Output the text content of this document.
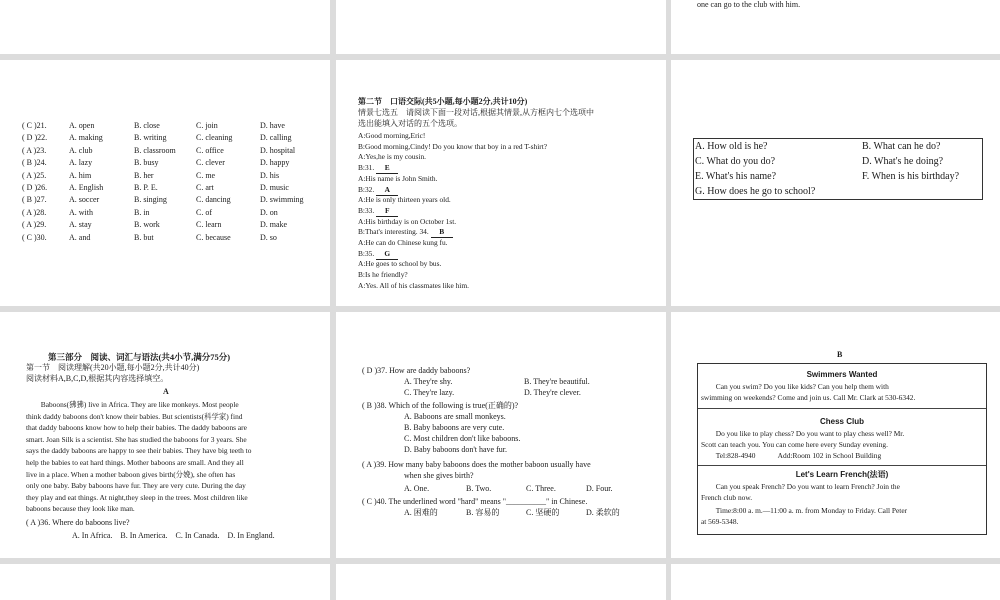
one can go to the club with him.
( C )21.	A. open	B. close	C. join	D. have
( D )22.	A. making	B. writing	C. cleaning	D. calling
( A )23.	A. club	B. classroom	C. office	D. hospital
( B )24.	A. lazy	B. busy	C. clever	D. happy
( A )25.	A. him	B. her	C. me	D. his
( D )26.	A. English	B. P. E.	C. art	D. music
( B )27.	A. soccer	B. singing	C. dancing	D. swimming
( A )28.	A. with	B. in	C. of	D. on
( A )29.	A. stay	B. work	C. learn	D. make
( C )30.	A. and	B. but	C. because	D. so
第二节　口语交际(共5小题,每小题2分,共计10分)
情景七选五　请阅读下面一段对话,根据其情景,从方框内七个选项中
选出能填入对话的五个选项。
A:Good morning,Eric!
B:Good morning,Cindy! Do you know that boy in a red T-shirt?
A:Yes,he is my cousin.
B:31. E
A:His name is John Smith.
B:32. A
A:He is only thirteen years old.
B:33. F
A:His birthday is on October 1st.
B:That's interesting. 34. B
A:He can do Chinese kung fu.
B:35. G
A:He goes to school by bus.
B:Is he friendly?
A:Yes. All of his classmates like him.
A. How old is he?	B. What can he do?
C. What do you do?	D. What's he doing?
E. What's his name?	F. When is his birthday?
G. How does he go to school?
第三部分　阅读、词汇与语法(共4小节,满分75分)
第一节　阅读理解(共20小题,每小题2分,共计40分)
阅读材料A,B,C,D,根据其内容选择填空。
A
( A )36. Where do baboons live?
A. In Africa.　B. In America.　C. In Canada.　D. In England.
　　Baboons(狒狒) live in Africa. They are like monkeys. Most people
think daddy baboons don't know their babies. But scientists(科学家) find
that daddy baboons know how to help their babies. The daddy baboons are
smart. Joan Silk is a scientist. She has studied the baboons for 3 years. She
says the daddy baboons are happy to see their babies. They have big teeth to
help the babies to eat hard things. Mother baboons are small. And they all
live in a place. When a mother baboon gives birth(分娩), she often has
only one baby. Baby baboons have fur. They are very cute. During the day
they play and eat things. At night,they sleep in the trees. Most children like
baboons because they look like man.
( D )37. How are daddy baboons?
A. They're shy.	B. They're beautiful.
C. They're lazy.	D. They're clever.
( B )38. Which of the following is true(正确的)?
A. Baboons are small monkeys.
B. Baby baboons are very cute.
C. Most children don't like baboons.
D. Baby baboons don't have fur.
( A )39. How many baby baboons does the mother baboon usually have
when she gives birth?
A. One.	B. Two.	C. Three.	D. Four.
( C )40. The underlined word "hard" means "__________" in Chinese.
A. 困难的	B. 容易的	C. 坚硬的	D. 柔软的
B
Swimmers Wanted
　　Can you swim? Do you like kids? Can you help them with
swimming on weekends? Come and join us. Call Mr. Clark at 530-6342.
Chess Club
　　Do you like to play chess? Do you want to play chess well? Mr.
Scott can teach you. You can come here every Sunday evening.
　　Tel:828-4940　　　Add:Room 102 in School Building
Let's Learn French(法语)
　　Can you speak French? Do you want to learn French? Join the
French club now.
　　Time:8:00 a. m.—11:00 a. m. from Monday to Friday. Call Peter
at 569-5348.
